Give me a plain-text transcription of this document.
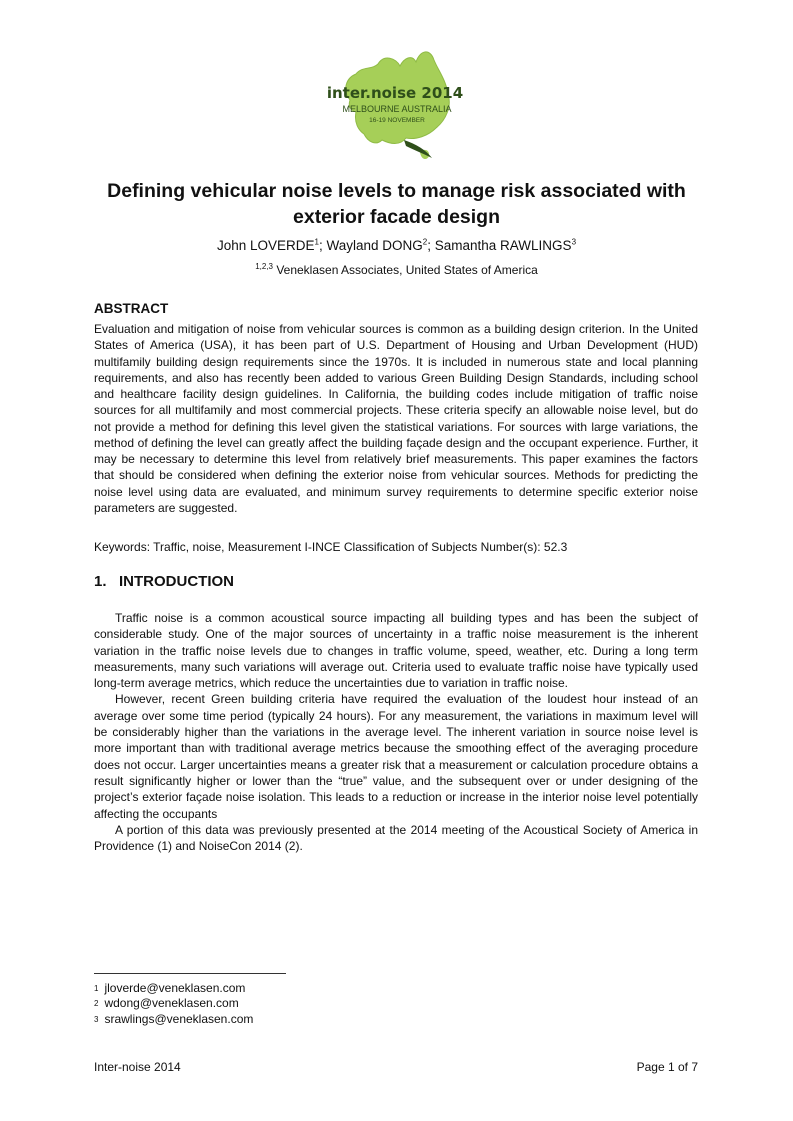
inter.noise 2014
MELBOURNE AUSTRALIA
16-19 NOVEMBER
Defining vehicular noise levels to manage risk associated with
exterior facade design
John LOVERDE$^1$; Wayland DONG$^2$; Samantha RAWLINGS$^3$
$^{1,2,3}$ Veneklasen Associates, United States of America
ABSTRACT

Evaluation and mitigation of noise from vehicular sources is common as a building design criterion. In the United States of America (USA), it has been part of U.S. Department of Housing and Urban Development (HUD) multifamily building design requirements since the 1970s. It is included in numerous state and local planning requirements, and also has recently been added to various Green Building Design Standards, including school and healthcare facility design guidelines. In California, the building codes include mitigation of traffic noise sources for all multifamily and most commercial projects. These criteria specify an allowable noise level, but do not provide a method for defining this level given the statistical variations. For sources with large variations, the method of defining the level can greatly affect the building façade design and the occupant experience. Further, it may be necessary to determine this level from relatively brief measurements. This paper examines the factors that should be considered when defining the exterior noise from vehicular sources. Methods for predicting the noise level using data are evaluated, and minimum survey requirements to determine specific exterior noise parameters are suggested.

Keywords: Traffic, noise, Measurement I-INCE Classification of Subjects Number(s): 52.3
1.   INTRODUCTION

Traffic noise is a common acoustical source impacting all building types and has been the subject of considerable study. One of the major sources of uncertainty in a traffic noise measurement is the inherent variation in the traffic noise levels due to changes in traffic volume, speed, weather, etc. During a long term measurements, many such variations will average out. Criteria used to evaluate traffic noise have typically used long-term average metrics, which reduce the uncertainties due to variation in traffic noise.

However, recent Green building criteria have required the evaluation of the loudest hour instead of an average over some time period (typically 24 hours). For any measurement, the variations in maximum level will be considerably higher than the variations in the average level. The inherent variation in source noise level is more important than with traditional average metrics because the smoothing effect of the averaging procedure does not occur. Larger uncertainties means a greater risk that a measurement or calculation procedure obtains a result significantly higher or lower than the “true” value, and the subsequent over or under designing of the project’s exterior façade noise isolation. This leads to a reduction or increase in the interior noise level potentially affecting the occupants

A portion of this data was previously presented at the 2014 meeting of the Acoustical Society of America in Providence (1) and NoiseCon 2014 (2).

$^1$ jloverde@veneklasen.com
$^2$ wdong@veneklasen.com
$^3$ srawlings@veneklasen.com
Inter-noise 2014	Page 1 of 7
